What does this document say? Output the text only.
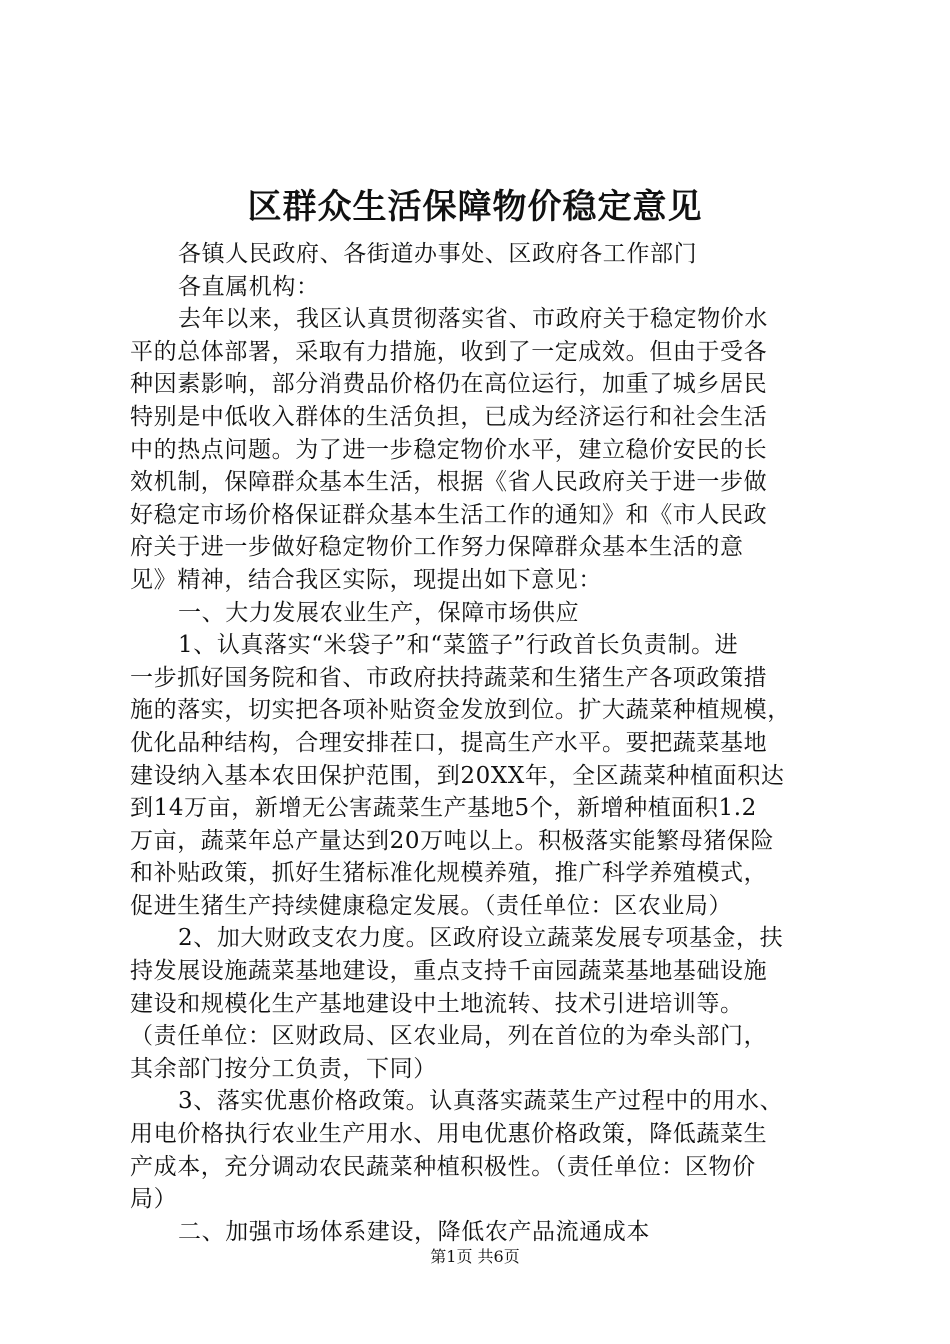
区群众生活保障物价稳定意见
各镇人民政府、各街道办事处、区政府各工作部门
各直属机构：
去年以来，我区认真贯彻落实省、市政府关于稳定物价水
平的总体部署，采取有力措施，收到了一定成效。但由于受各
种因素影响，部分消费品价格仍在高位运行，加重了城乡居民
特别是中低收入群体的生活负担，已成为经济运行和社会生活
中的热点问题。为了进一步稳定物价水平，建立稳价安民的长
效机制，保障群众基本生活，根据《省人民政府关于进一步做
好稳定市场价格保证群众基本生活工作的通知》和《市人民政
府关于进一步做好稳定物价工作努力保障群众基本生活的意
见》精神，结合我区实际，现提出如下意见：
一、大力发展农业生产，保障市场供应
1、认真落实“米袋子”和“菜篮子”行政首长负责制。进
一步抓好国务院和省、市政府扶持蔬菜和生猪生产各项政策措
施的落实，切实把各项补贴资金发放到位。扩大蔬菜种植规模，
优化品种结构，合理安排茬口，提高生产水平。要把蔬菜基地
建设纳入基本农田保护范围，到20XX年，全区蔬菜种植面积达
到14万亩，新增无公害蔬菜生产基地5个，新增种植面积1.2
万亩，蔬菜年总产量达到20万吨以上。积极落实能繁母猪保险
和补贴政策，抓好生猪标准化规模养殖，推广科学养殖模式，
促进生猪生产持续健康稳定发展。（责任单位：区农业局）
2、加大财政支农力度。区政府设立蔬菜发展专项基金，扶
持发展设施蔬菜基地建设，重点支持千亩园蔬菜基地基础设施
建设和规模化生产基地建设中土地流转、技术引进培训等。
（责任单位：区财政局、区农业局，列在首位的为牵头部门，
其余部门按分工负责，下同）
3、落实优惠价格政策。认真落实蔬菜生产过程中的用水、
用电价格执行农业生产用水、用电优惠价格政策，降低蔬菜生
产成本，充分调动农民蔬菜种植积极性。（责任单位：区物价
局）
二、加强市场体系建设，降低农产品流通成本
第1页 共6页
